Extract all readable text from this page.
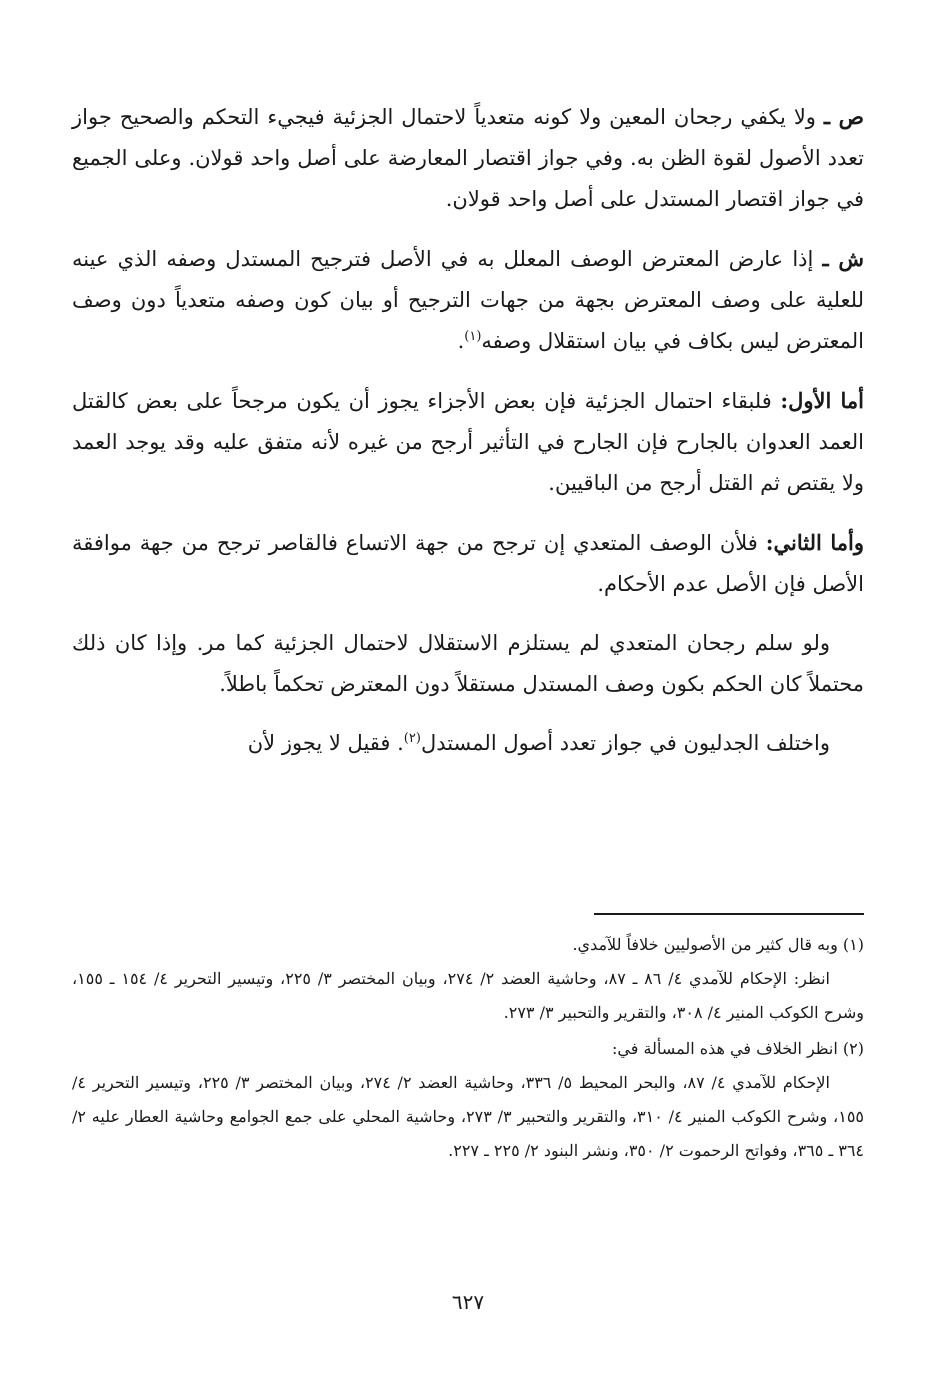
ص ـ ولا يكفي رجحان المعين ولا كونه متعدياً لاحتمال الجزئية فيجيء التحكم والصحيح جواز تعدد الأصول لقوة الظن به. وفي جواز اقتصار المعارضة على أصل واحد قولان. وعلى الجميع في جواز اقتصار المستدل على أصل واحد قولان.

ش ـ إذا عارض المعترض الوصف المعلل به في الأصل فترجيح المستدل وصفه الذي عينه للعلية على وصف المعترض بجهة من جهات الترجيح أو بيان كون وصفه متعدياً دون وصف المعترض ليس بكاف في بيان استقلال وصفه$^{(١)}$.

أما الأول: فلبقاء احتمال الجزئية فإن بعض الأجزاء يجوز أن يكون مرجحاً على بعض كالقتل العمد العدوان بالجارح فإن الجارح في التأثير أرجح من غيره لأنه متفق عليه وقد يوجد العمد ولا يقتص ثم القتل أرجح من الباقيين.

وأما الثاني: فلأن الوصف المتعدي إن ترجح من جهة الاتساع فالقاصر ترجح من جهة موافقة الأصل فإن الأصل عدم الأحكام.

ولو سلم رجحان المتعدي لم يستلزم الاستقلال لاحتمال الجزئية كما مر. وإذا كان ذلك محتملاً كان الحكم بكون وصف المستدل مستقلاً دون المعترض تحكماً باطلاً.

واختلف الجدليون في جواز تعدد أصول المستدل$^{(٢)}$. فقيل لا يجوز لأن

(١) وبه قال كثير من الأصوليين خلافاً للآمدي.

انظر: الإحكام للآمدي ٤/ ٨٦ ـ ٨٧، وحاشية العضد ٢/ ٢٧٤، وبيان المختصر ٣/ ٢٢٥، وتيسير التحرير ٤/ ١٥٤ ـ ١٥٥، وشرح الكوكب المنير ٤/ ٣٠٨، والتقرير والتحبير ٣/ ٢٧٣.

(٢) انظر الخلاف في هذه المسألة في:

الإحكام للآمدي ٤/ ٨٧، والبحر المحيط ٥/ ٣٣٦، وحاشية العضد ٢/ ٢٧٤، وبيان المختصر ٣/ ٢٢٥، وتيسير التحرير ٤/ ١٥٥، وشرح الكوكب المنير ٤/ ٣١٠، والتقرير والتحبير ٣/ ٢٧٣، وحاشية المحلي على جمع الجوامع وحاشية العطار عليه ٢/ ٣٦٤ ـ ٣٦٥، وفواتح الرحموت ٢/ ٣٥٠، ونشر البنود ٢/ ٢٢٥ ـ ٢٢٧.

٦٢٧
